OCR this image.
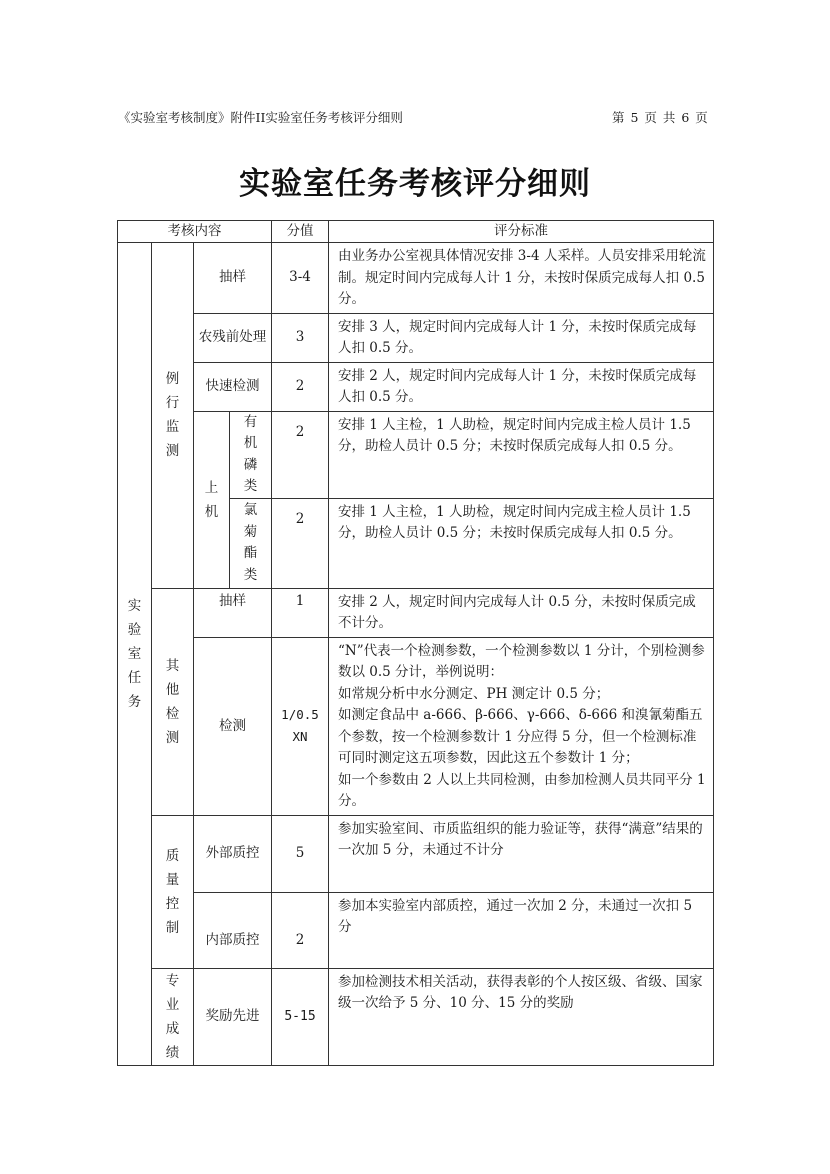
《实验室考核制度》附件II实验室任务考核评分细则	第 5 页 共 6 页
实验室任务考核评分细则
考核内容				分值	评分标准
实验室任务	例行监测	抽样		3-4	由业务办公室视具体情况安排 3-4 人采样。人员安排采用轮流制。规定时间内完成每人计 1 分，未按时保质完成每人扣 0.5 分。
		农残前处理		3	安排 3 人，规定时间内完成每人计 1 分，未按时保质完成每人扣 0.5 分。
		快速检测		2	安排 2 人，规定时间内完成每人计 1 分，未按时保质完成每人扣 0.5 分。
		上机	有机磷类	2	安排 1 人主检，1 人助检，规定时间内完成主检人员计 1.5 分，助检人员计 0.5 分；未按时保质完成每人扣 0.5 分。
			氯菊酯类	2	安排 1 人主检，1 人助检，规定时间内完成主检人员计 1.5 分，助检人员计 0.5 分；未按时保质完成每人扣 0.5 分。
	其他检测	抽样		1	安排 2 人，规定时间内完成每人计 0.5 分，未按时保质完成不计分。
		检测		1/0.5 XN	“N”代表一个检测参数，一个检测参数以 1 分计，个别检测参数以 0.5 分计，举例说明：
如常规分析中水分测定、PH 测定计 0.5 分；
如测定食品中 a-666、β-666、γ-666、δ-666 和溴氰菊酯五个参数，按一个检测参数计 1 分应得 5 分，但一个检测标准可同时测定这五项参数，因此这五个参数计 1 分；
如一个参数由 2 人以上共同检测，由参加检测人员共同平分 1 分。

	质量控制	外部质控		5	参加实验室间、市质监组织的能力验证等，获得“满意”结果的一次加 5 分，未通过不计分
		内部质控		2	参加本实验室内部质控，通过一次加 2 分，未通过一次扣 5 分
	专业成绩	奖励先进		5-15	参加检测技术相关活动，获得表彰的个人按区级、省级、国家级一次给予 5 分、10 分、15 分的奖励
